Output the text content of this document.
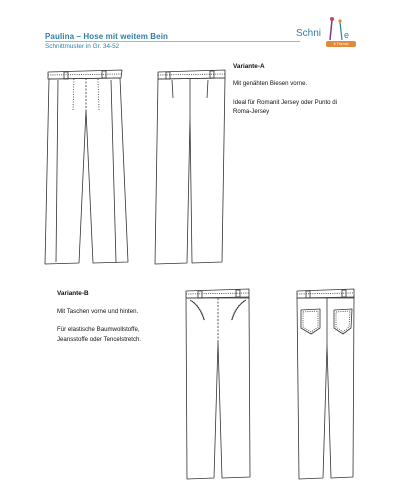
Paulina – Hose mit weitem Bein
Schnittmuster in Gr. 34-52
Schni	e
& Friends
Variante-A
Mit genähten Biesen vorne.
Ideal für Romanit Jersey oder Punto di
Roma-Jersey
Variante-B
Mit Taschen vorne und hinten.
Für elastische Baumwollstoffe,
Jeansstoffe oder Tencelstretch.
